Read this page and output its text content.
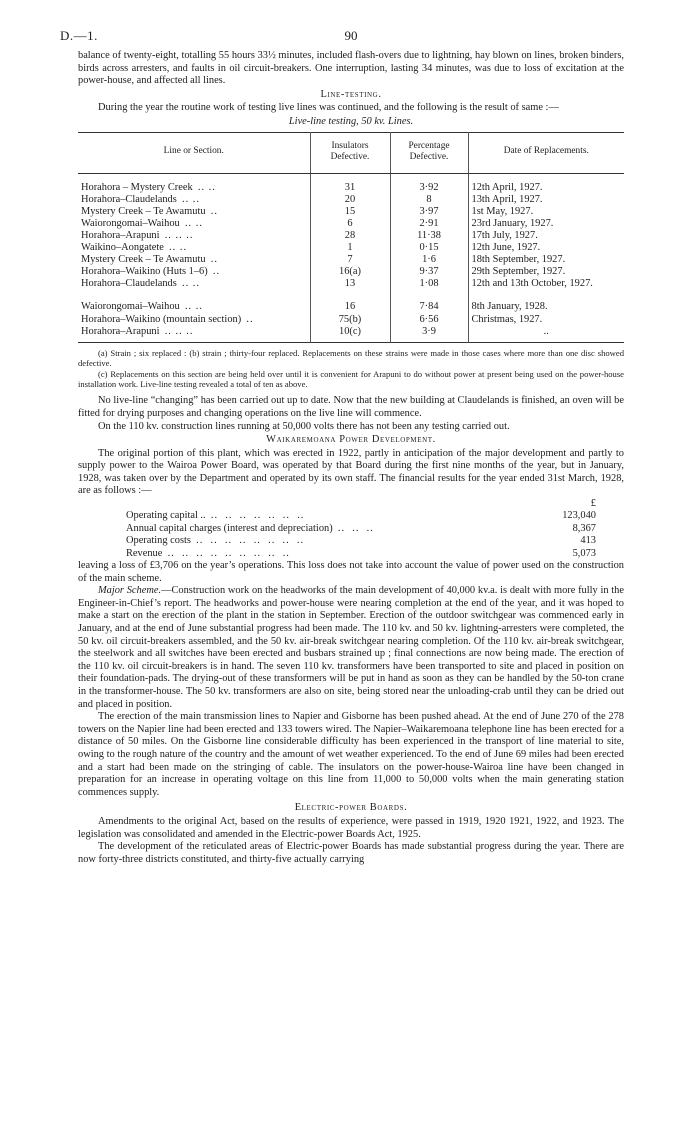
D.—1.	90

balance of twenty-eight, totalling 55 hours 33½ minutes, included flash-overs due to lightning, hay blown on lines, broken binders, birds across arresters, and faults in oil circuit-breakers. One interruption, lasting 34 minutes, was due to loss of excitation at the power-house, and affected all lines.

Line-testing.

During the year the routine work of testing live lines was continued, and the following is the result of same :—

Live-line testing, 50 kv. Lines.
Line or Section.	Insulators Defective.	Percentage Defective.	Date of Replacements.
Horahora – Mystery Creek .. ..	31	3·92	12th April, 1927.
Horahora–Claudelands .. ..	20	8	13th April, 1927.
Mystery Creek – Te Awamutu ..	15	3·97	1st May, 1927.
Waiorongomai–Waihou .. ..	6	2·91	23rd January, 1927.
Horahora–Arapuni .. .. ..	28	11·38	17th July, 1927.
Waikino–Aongatete .. ..	1	0·15	12th June, 1927.
Mystery Creek – Te Awamutu ..	7	1·6	18th September, 1927.
Horahora–Waikino (Huts 1–6) ..	16(a)	9·37	29th September, 1927.
Horahora–Claudelands .. ..	13	1·08	12th and 13th October, 1927.

Waiorongomai–Waihou .. ..	16	7·84	8th January, 1928.
Horahora–Waikino (mountain section) ..	75(b)	6·56	Christmas, 1927.
Horahora–Arapuni .. .. ..	10(c)	3·9	..

(a) Strain ; six replaced : (b) strain ; thirty-four replaced. Replacements on these strains were made in those cases where more than one disc showed defective.

(c) Replacements on this section are being held over until it is convenient for Arapuni to do without power at present being used on the power-house installation work. Live-line testing revealed a total of ten as above.

No live-line “changing” has been carried out up to date. Now that the new building at Claudelands is finished, an oven will be fitted for drying purposes and changing operations on the live line will commence.

On the 110 kv. construction lines running at 50,000 volts there has not been any testing carried out.

Waikaremoana Power Development.

The original portion of this plant, which was erected in 1922, partly in anticipation of the major development and partly to supply power to the Wairoa Power Board, was operated by that Board during the first nine months of the year, but in January, 1928, was taken over by the Department and operated by its own staff. The financial results for the year ended 31st March, 1928, are as follows :—

£
Operating capital .. ..  ..  ..  ..  ..  ..  ..	123,040
Annual capital charges (interest and depreciation) ..  ..  ..	8,367
Operating costs ..  ..  ..  ..  ..  ..  ..  ..	413
Revenue ..  ..  ..  ..  ..  ..  ..  ..  ..	5,073

leaving a loss of £3,706 on the year’s operations. This loss does not take into account the value of power used on the construction of the main scheme.

Major Scheme.—Construction work on the headworks of the main development of 40,000 kv.a. is dealt with more fully in the Engineer-in-Chief’s report. The headworks and power-house were nearing completion at the end of the year, and it was hoped to make a start on the erection of the plant in the station in September. Erection of the outdoor switchgear was commenced early in January, and at the end of June substantial progress had been made. The 110 kv. and 50 kv. lightning-arresters were completed, the 50 kv. oil circuit-breakers assembled, and the 50 kv. air-break switchgear nearing completion. Of the 110 kv. air-break switchgear, the steelwork and all switches have been erected and busbars strained up ; final connections are now being made. The erection of the 110 kv. oil circuit-breakers is in hand. The seven 110 kv. transformers have been transported to site and placed in position on their foundation-pads. The drying-out of these transformers will be put in hand as soon as they can be handled by the 50-ton crane in the transformer-house. The 50 kv. transformers are also on site, being stored near the unloading-crab until they can be dried out and placed in position.

The erection of the main transmission lines to Napier and Gisborne has been pushed ahead. At the end of June 270 of the 278 towers on the Napier line had been erected and 133 towers wired. The Napier–Waikaremoana telephone line has been erected for a distance of 50 miles. On the Gisborne line considerable difficulty has been experienced in the transport of line material to site, owing to the rough nature of the country and the amount of wet weather experienced. To the end of June 69 miles had been erected and a start had been made on the stringing of cable. The insulators on the power-house-Wairoa line have been changed in preparation for an increase in operating voltage on this line from 11,000 to 50,000 volts when the main generating station commences supply.

Electric-power Boards.

Amendments to the original Act, based on the results of experience, were passed in 1919, 1920 1921, 1922, and 1923. The legislation was consolidated and amended in the Electric-power Boards Act, 1925.

The development of the reticulated areas of Electric-power Boards has made substantial progress during the year. There are now forty-three districts constituted, and thirty-five actually carrying
